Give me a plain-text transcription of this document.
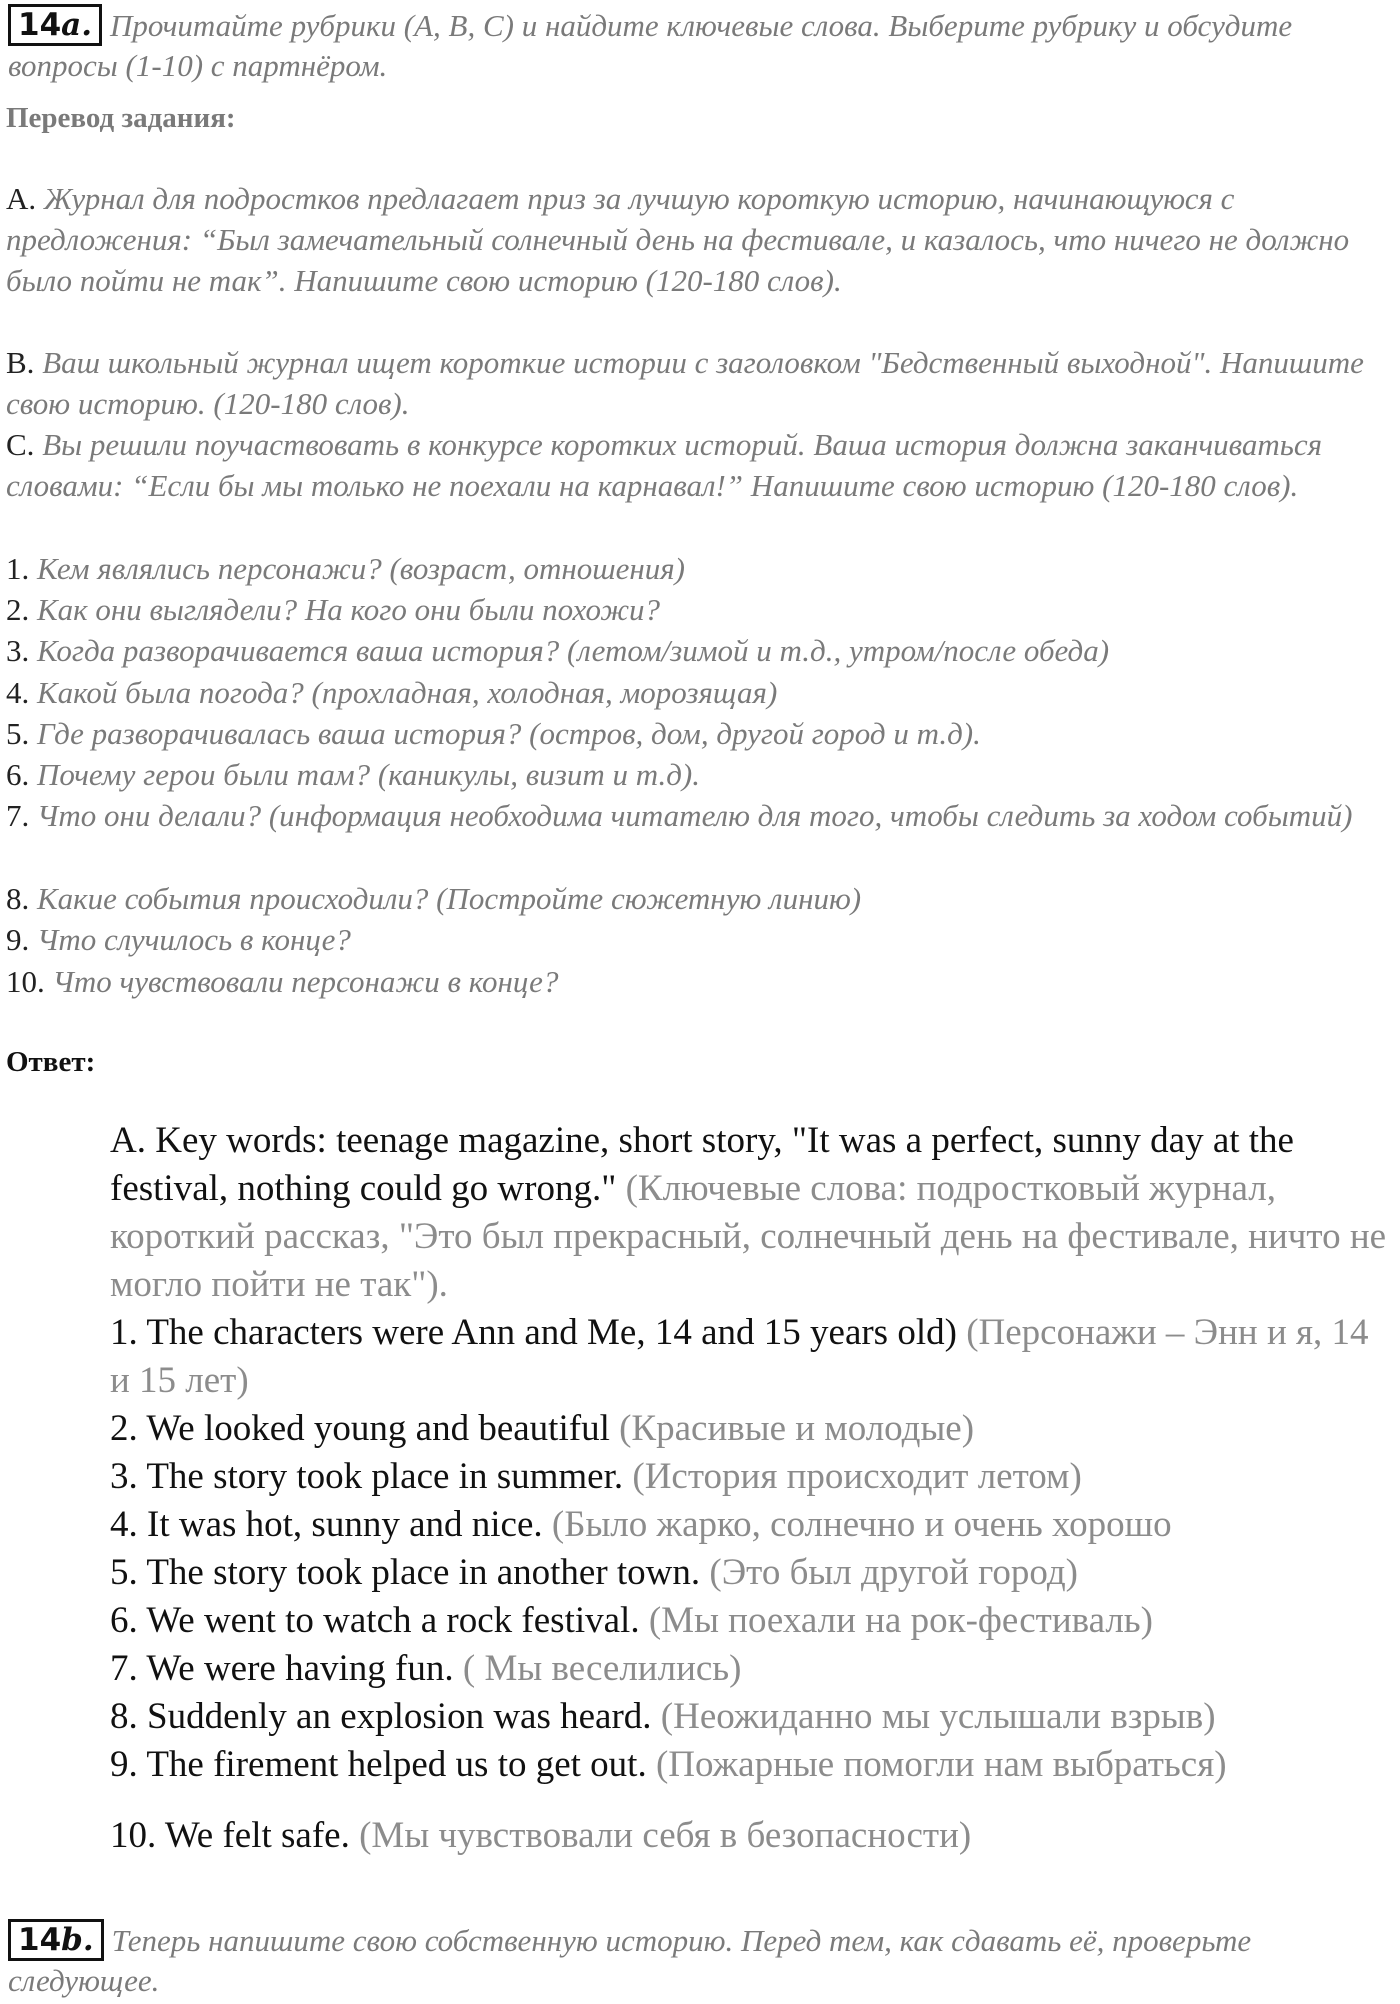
14a. Прочитайте рубрики (A, B, C) и найдите ключевые слова. Выберите рубрику и обсудите вопросы (1-10) с партнёром.
Перевод задания:
A. Журнал для подростков предлагает приз за лучшую короткую историю, начинающуюся с предложения: “Был замечательный солнечный день на фестивале, и казалось, что ничего не должно было пойти не так”. Напишите свою историю (120-180 слов).
B. Ваш школьный журнал ищет короткие истории с заголовком "Бедственный выходной". Напишите свою историю. (120-180 слов).
C. Вы решили поучаствовать в конкурсе коротких историй. Ваша история должна заканчиваться словами: “Если бы мы только не поехали на карнавал!” Напишите свою историю (120-180 слов).
1. Кем являлись персонажи? (возраст, отношения)
2. Как они выглядели? На кого они были похожи?
3. Когда разворачивается ваша история? (летом/зимой и т.д., утром/после обеда)
4. Какой была погода? (прохладная, холодная, морозящая)
5. Где разворачивалась ваша история? (остров, дом, другой город и т.д).
6. Почему герои были там? (каникулы, визит и т.д).
7. Что они делали? (информация необходима читателю для того, чтобы следить за ходом событий)
8. Какие события происходили? (Постройте сюжетную линию)
9. Что случилось в конце?
10. Что чувствовали персонажи в конце?
Ответ:
A. Key words: teenage magazine, short story, "It was a perfect, sunny day at the festival, nothing could go wrong." (Ключевые слова: подростковый журнал, короткий рассказ, "Это был прекрасный, солнечный день на фестивале, ничто не могло пойти не так").
1. The characters were Ann and Me, 14 and 15 years old) (Персонажи – Энн и я, 14 и 15 лет)
2. We looked young and beautiful (Красивые и молодые)
3. The story took place in summer. (История происходит летом)
4. It was hot, sunny and nice. (Было жарко, солнечно и очень хорошо
5. The story took place in another town. (Это был другой город)
6. We went to watch a rock festival. (Мы поехали на рок-фестиваль)
7. We were having fun. ( Мы веселились)
8. Suddenly an explosion was heard. (Неожиданно мы услышали взрыв)
9. The firement helped us to get out. (Пожарные помогли нам выбраться)
10. We felt safe. (Мы чувствовали себя в безопасности)
14b. Теперь напишите свою собственную историю. Перед тем, как сдавать её, проверьте следующее.
